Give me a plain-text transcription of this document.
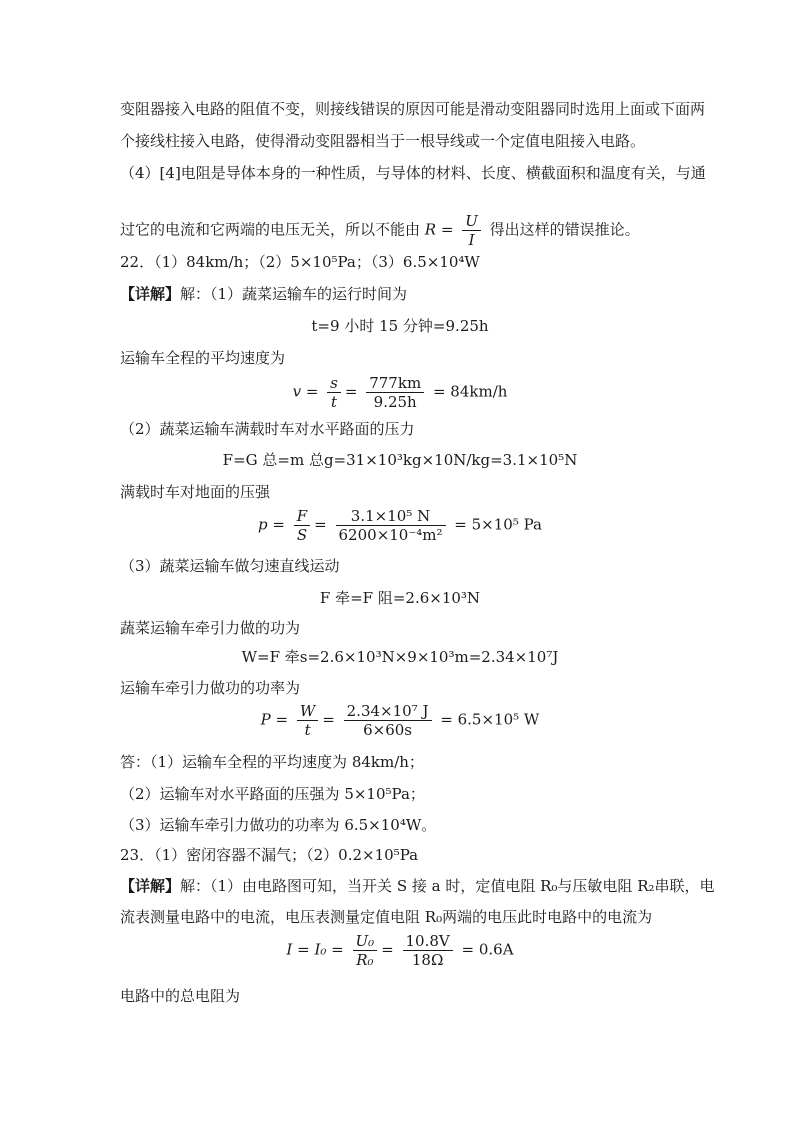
变阻器接入电路的阻值不变，则接线错误的原因可能是滑动变阻器同时选用上面或下面两
个接线柱接入电路，使得滑动变阻器相当于一根导线或一个定值电阻接入电路。
（4）[4]电阻是导体本身的一种性质，与导体的材料、长度、横截面积和温度有关，与通
过它的电流和它两端的电压无关，所以不能由 $R = \frac{U}{I}$ 得出这样的错误推论。
22．（1）84km/h；（2）5×10⁵Pa；（3）6.5×10⁴W
【详解】解：（1）蔬菜运输车的运行时间为
t=9 小时 15 分钟=9.25h
运输车全程的平均速度为
$v = \frac{s}{t} = \frac{777km}{9.25h} = 84km/h$
（2）蔬菜运输车满载时车对水平路面的压力
F=G 总=m 总g=31×10³kg×10N/kg=3.1×10⁵N
满载时车对地面的压强
$p = \frac{F}{S} = \frac{\text{3.1×10⁵ N}}{\text{6200×10⁻⁴m²}} = 5\times 10^5$ Pa
（3）蔬菜运输车做匀速直线运动
F 牵=F 阻=2.6×10³N
蔬菜运输车牵引力做的功为
W=F 牵s=2.6×10³N×9×10³m=2.34×10⁷J
运输车牵引力做功的功率为
$P = \frac{W}{t} = \frac{\text{2.34×10⁷ J}}{6\times 60s} = 6.5\times 10^5$ W
答：（1）运输车全程的平均速度为 84km/h；
（2）运输车对水平路面的压强为 5×10⁵Pa；
（3）运输车牵引力做功的功率为 6.5×10⁴W。
23．（1）密闭容器不漏气；（2）0.2×10⁵Pa
【详解】解：（1）由电路图可知，当开关 S 接 a 时，定值电阻 R₀与压敏电阻 R₂串联，电
流表测量电路中的电流，电压表测量定值电阻 R₀两端的电压此时电路中的电流为
$I = I_0 = \frac{\text{U₀}}{\text{R₀}} = \frac{10.8V}{18\Omega} = 0.6A$
电路中的总电阻为
